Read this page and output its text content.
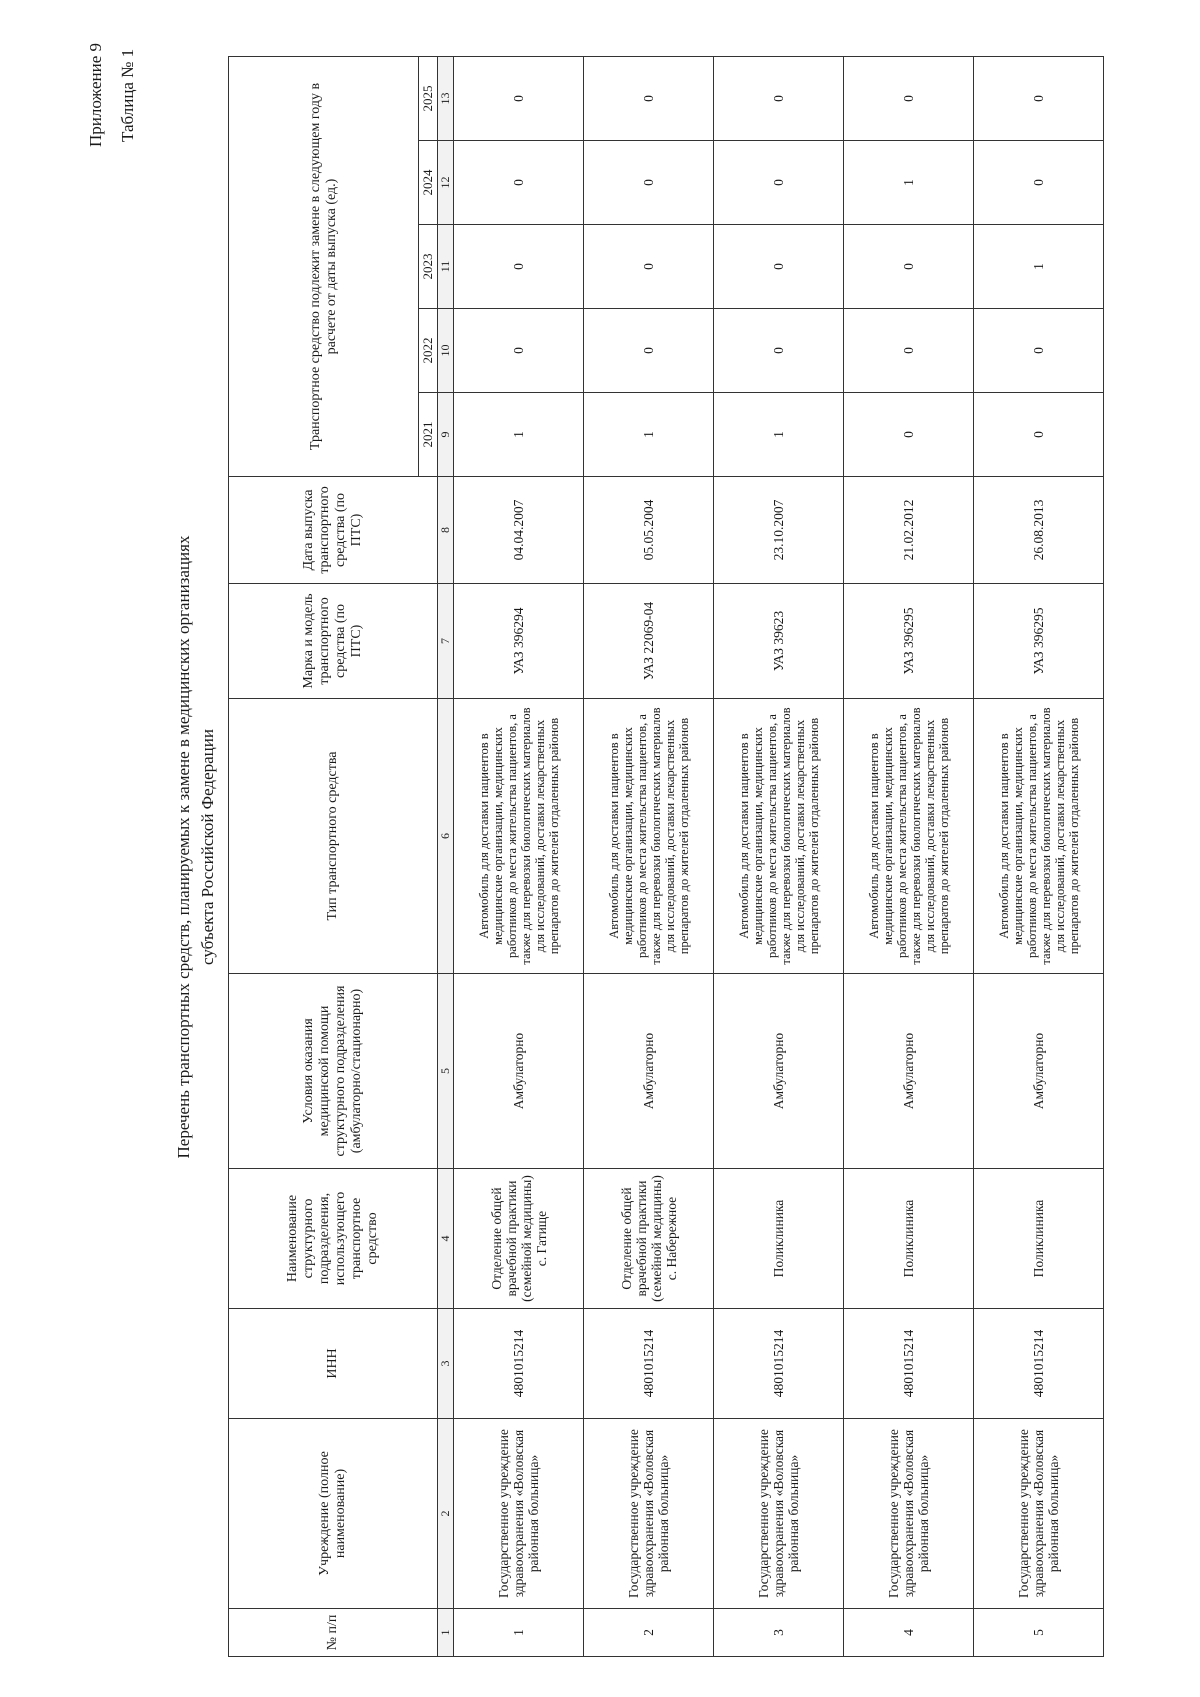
Приложение 9 Таблица № 1
Перечень транспортных средств, планируемых к замене в медицинских организациях субъекта Российской Федерации
№ п/п	Учреждение (полное наименование)	ИНН	Наименование структурного подразделения, использующего транспортное средство	Условия оказания медицинской помощи структурного подразделения (амбулаторно/стационарно)	Тип транспортного средства	Марка и модель транспортного средства (по ПТС)	Дата выпуска транспортного средства (по ПТС)	Транспортное средство подлежит замене в следующем году в расчете от даты выпуска (ед.)				
								2021	2022	2023	2024	2025
1	2	3	4	5	6	7	8	9	10	11	12	13
1	Государственное учреждение здравоохранения «Воловская районная больница»	4801015214	Отделение общей врачебной практики (семейной медицины) с. Гатище	Амбулаторно	Автомобиль для доставки пациентов в медицинские организации, медицинских работников до места жительства пациентов, а также для перевозки биологических материалов для исследований, доставки лекарственных препаратов до жителей отдаленных районов	УАЗ 396294	04.04.2007	1	0	0	0	0
2	Государственное учреждение здравоохранения «Воловская районная больница»	4801015214	Отделение общей врачебной практики (семейной медицины) с. Набережное	Амбулаторно	Автомобиль для доставки пациентов в медицинские организации, медицинских работников до места жительства пациентов, а также для перевозки биологических материалов для исследований, доставки лекарственных препаратов до жителей отдаленных районов	УАЗ 22069-04	05.05.2004	1	0	0	0	0
3	Государственное учреждение здравоохранения «Воловская районная больница»	4801015214	Поликлиника	Амбулаторно	Автомобиль для доставки пациентов в медицинские организации, медицинских работников до места жительства пациентов, а также для перевозки биологических материалов для исследований, доставки лекарственных препаратов до жителей отдаленных районов	УАЗ 39623	23.10.2007	1	0	0	0	0
4	Государственное учреждение здравоохранения «Воловская районная больница»	4801015214	Поликлиника	Амбулаторно	Автомобиль для доставки пациентов в медицинские организации, медицинских работников до места жительства пациентов, а также для перевозки биологических материалов для исследований, доставки лекарственных препаратов до жителей отдаленных районов	УАЗ 396295	21.02.2012	0	0	0	1	0
5	Государственное учреждение здравоохранения «Воловская районная больница»	4801015214	Поликлиника	Амбулаторно	Автомобиль для доставки пациентов в медицинские организации, медицинских работников до места жительства пациентов, а также для перевозки биологических материалов для исследований, доставки лекарственных препаратов до жителей отдаленных районов	УАЗ 396295	26.08.2013	0	0	1	0	0
